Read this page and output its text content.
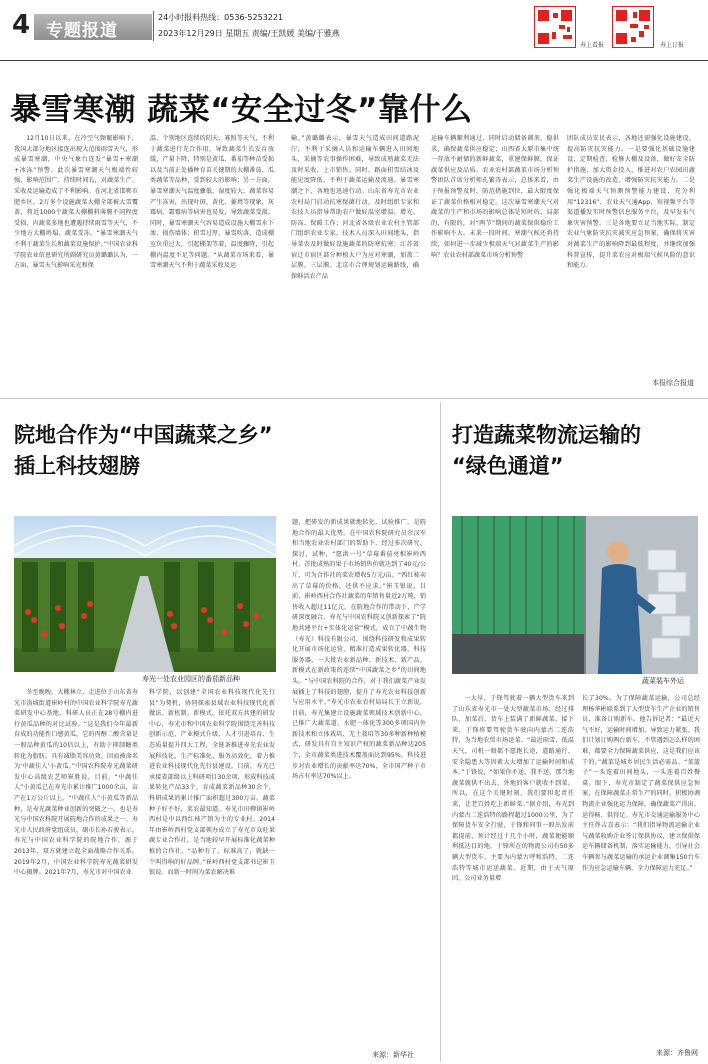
4 专题报道
24小时报料热线：0536-5253221
2023年12月29日 星期五 责编/王凯媛 美编/于雅燕
寿上看报	寿上订报
暴雪寒潮 蔬菜“安全过冬”靠什么

12月10日以来，在冷空气频繁影响下，我国大部分地区接连出现大范围雨雪天气，形成暴雪寒潮，中央气象台连发“暴雪+寒潮+冰冻”预警。此次暴雪寒潮天气极端性较强、影响范围广、持续时间长，对蔬菜生产、采收及运输造成了不利影响。在河北省邯郸市肥乡区，2万多个设施蔬菜大棚全部被大雪覆盖，将近1000个蔬菜大棚棚料薄膜不同程度受损，内蔬菜多地也遭遇持续雨雪等天气，不少地方大棚坍塌、蔬菜受冻。“暴雪寒潮天气不利于蔬菜生长和蔬菜设施保护。”中国农业科学院农业信息研究所副研究员黄璐璐认为，一方面，暴雪天气影响采光和保

温，个别地区连续的阴天、寡照等天气，不利于蔬菜进行光合作用，导致蔬菜生长发育放缓，产量下降，特别是黄瓜、番茄等种苗受损以及当前正处播种育苗关键期的大棚番茄、瓜类蔬菜等品种，受到较大的影响；另一方面，暴雪寒潮天气温度骤低、湿度较大，蔬菜容易产生冻害，出现叶斑、黄化、萎蔫等现象，灰霉病、霜霉病等病害也易发，导致蔬菜受损。同时，暴雪寒潮天气容易造成设施大棚雪水下渗，损伤墙体；积雪过厚、暴雪吹落，造成棚室负重过大，引起棚架等着，温度骤降，引起棚内温度不足等问题。“从蔬菜市场来看，暴雪寒潮天气不利于蔬菜采收及运

输。”黄璐璐表示，暴雪天气造成田间道路泥泞，不利于采摘人员和运输车辆进入田间地头，采摘等农事操作困难，导致成熟蔬菜无法及时采收、上市销售。同时，路面积雪结冰及能见度降低，不利于蔬菜运输及流通。暴雪寒潮之下，各地也迅速行动。山东省寿光市农业农村局门启动抗寒保菌行动，及时组织专家和农技人员指导帮助农户做好温室增温、增光、防冻、保暖工作；河北省各级农业农村主管部门组织农业专家、技术人员深入田间地头，指导菜农及时做好设施蔬菜的防寒抗寒；江苏省宿迁市宿区部分种植大户为应对寒潮，加盖二层膜、三层膜。北京市合理规划运输路线，确保鲜活农产品

运输车辆顺利通过，同时启动储备调剂，稳供求，确保蔬菜供应稳定；山西省太原市集中统一存放不耐储的新鲜蔬菜，重建保鲜膜，保证蔬菜供应及品质。农业农村部蔬菜市场分析预警团队首席分析师孔繁涛表示，总体来看，由于预报预警及时、防范措施到位，最大限度保证了蔬菜价格相对稳定。这次暴雪寒潮天气对蔬菜的生产和市场的影响总体是短时的、局部的、有限的，对“两节”期间的蔬菜保供稳价工作影响不大。未来一段时间，寒潮气候还将持续，如何进一步减少极端天气对蔬菜生产的影响？农业农村部蔬菜市场分析预警

团队成员安民表示，各地还需强化设施建设，提高防灾抗灾能力。一是要强化基础设施建设，定期检查、检修大棚及设备，做好安全防护措施，加大资金投入，推进对农户农园田蔬菜生产设施的改造，增强防灾抗灾能力。二是强化极端天气预测预警能力建设，充分利用“12316”、农业天气通App、短视频平台等渠道播发实时预警信息服务平台，及早发布气象灾害预警。三是各地要立足当地实际，制定农业气象防灾抗灾减灾应急预案，确保将灾害对蔬菜生产的影响降到最低程度，并继续加强科普宣传，提升菜农应对极端气候风险的意识和能力。

本报综合报道
院地合作为“中国蔬菜之乡”
插上科技翅膀
寿光一处农业园区的番茄新品种

冬至晚晚，大棚林立，走进位于山东省寿光市洛城街道崔岭村的中国农业科学院寿光蔬菜研发中心基地，科研人员正在28号棚内进行黄瓜品种的对比试验。“这是我们今年最新育成的功能性口感黄瓜，它的丙醇二酸含量是一般品种黄瓜的10倍以上，有助于抑制糖类转化为脂肪，具有减脂美容功效，因而被命名为‘中蔬佳人’小黄瓜。”中国农科院寿光蔬菜研发中心高级农艺师崔胜说，目前，“中蔬佳人”小黄瓜已在寿光市累计推广1000余亩，亩产在1万公斤以上。“中蔬佳人”小黄瓜等新品种，是寿光蔬菜种业创新的突破之一，也是寿光与中国农科院开展院地合作的成果之一。寿光市人民政府党组成员、副市长孙若骏表示，寿光与中国农业科学院的院地合作，源于2013年，双方就建立起全面战略合作关系。2019年2月，中国农业科学院寿光蔬菜研发中心揭牌。2021年7月，寿光市对中国农业

科学院，以创建“全国农业科技现代化先行县”为契机，协同探索县域农业科技现代化新做法、新机制、新模式。依托双方共建的研发中心，寿光市和中国农业科学院围绕完善科技创新示范、产业模式升级、人才引进培育、生态质量提升四大工程，全链条推进寿光农业发展科技化、生产标准化、服务高效化，着力推进农业科技现代化先行县建设。目前，寿光已承接省部级以上科研项目30余项，形成科技成果转化产品33个，育成蔬菜新品种30余个，科研成果的累计推广面积超过300万亩。蔬菜种子好不好，菜农最知道。寿光市田柳镇崔岭西村是中以西红柿产销为主的专业村。2014年由崔岭西村党支部领办成立了寿光市众旺果蔬专业合作社，是当地较早开展标准化蔬菜种植的合作社。“品种有了，标准高了，就缺一个叫得响的好品牌。”崔岭西村党支部书记崔玉银说。而新一时间为菜农解决难

题，把研发的新成果就地转化，试验推广，是院地合作的最大优势。在中国农科院研究员余汉军和当地农业农村部门的帮助下，经过多次研究、探讨、试种，“愿洪一号”草莓番茄亮相崔岭西村。首批成熟的果子市场销售价就达到了40元/公斤，可为合作社的菜农增收5万元/亩。“西红柿卖出了草莓的价格，还供不应求。”崔玉银说，目前，崔岭西村合作社蔬菜的年销售量近2万吨，销售收入超过11亿元。在院地合作的带动下，产学研深度融合，寿光与中国农科院又创新探索了“院地共建平台+实体化运营”模式，成立了中蔬生物（寿光）科技有限公司，围绕科技研发和成果转化开展市场化运营，精准打造成果转化器、科技服务器，一大批农业新品种、新技术、新产品、新模式在新政策的连续“中国蔬菜之乡”的田间地头。“与中国农科院的合作，对于我们蔬菜产业发展插上了科技的翅膀，提升了寿光农业科技创新与应用水平。”寿光市农业农村局局长王立新说，目前，寿光集建立设施蔬菜领域技术创新中心，已推广大蔬菜道、水肥一体化等300多项国内外新技术和立体栽培、无土栽培等30多种新种植模式，研发具有自主知识产权的蔬菜新品种达205个，全市蔬菜类进技术覆盖面达到95%，科技进步对农业增长的贡献率达70%，全市国产种子市场占有率达70%以上。

来源：新华社
打造蔬菜物流运输的
“绿色通道”
蔬菜装车外运

一大早，于锋驾驶着一辆大型货车来到了山东省寿光市一处大型蔬菜市场。经过排队、加菜后，货车上装满了新鲜蔬菜。接下来，于锋将要驾驶货车驶向内蒙古二连浩特，为当地农贸市场送菜。“最近雨雪、低温天气，司机一般都不愿跑长途，道路通行、安全隐患大等因素大大增加了运输时间和成本。”于锋说，“如果你不送，我不送，那当地蔬菜就供不出去，外地的客户就收不到菜。所以，在这个关键时刻，我们要担起责任来，让老百姓吃上新鲜菜。”据介绍，寿光到内蒙古二连浩特的路程超过1000公里，为了保障货车安全行驶，于锋和同事一般出发前都提前，预计经过十几个小时，蔬菜便能顺利抵达目的地。于锋所在的物流公司有50多辆大型货车，主要为内蒙古呼和浩特、二连浩特等城市运送蔬菜。近期，由于天气原因，公司业务量增

长了30%。为了保障蔬菜运输，公司总经理杨华彬联系到了大型货车生产企业的销售员，准备订购新车。他告诉记者：“最近天气不好，运输时间增加，导致运力紧张。我们计划订购两台新车，不管遇到怎么样的困难，都要全力保障蔬菜供应，这是我们应该干的。”蔬菜是城乡居民生活必需品。“菜篮子”一头连着田间地头，一头连着百姓餐桌。眼下，寿光市制定了蔬菜保供应急预案，在保障蔬菜正常生产的同时，积极协调物流企业强化运力保障，确保蔬菜产得出、运得畅、供得足。寿光市交通运输服务中心主任佟吉喜表示：“我们指导物流运输企业与蔬菜收购企业签订保供协议，建立保供保运车辆储备机制，落实运输能力，引导社会车辆参与蔬菜运输的承运企业调集150台车作为应急运输车辆，全力保障运力充足。”

来源：齐鲁网
